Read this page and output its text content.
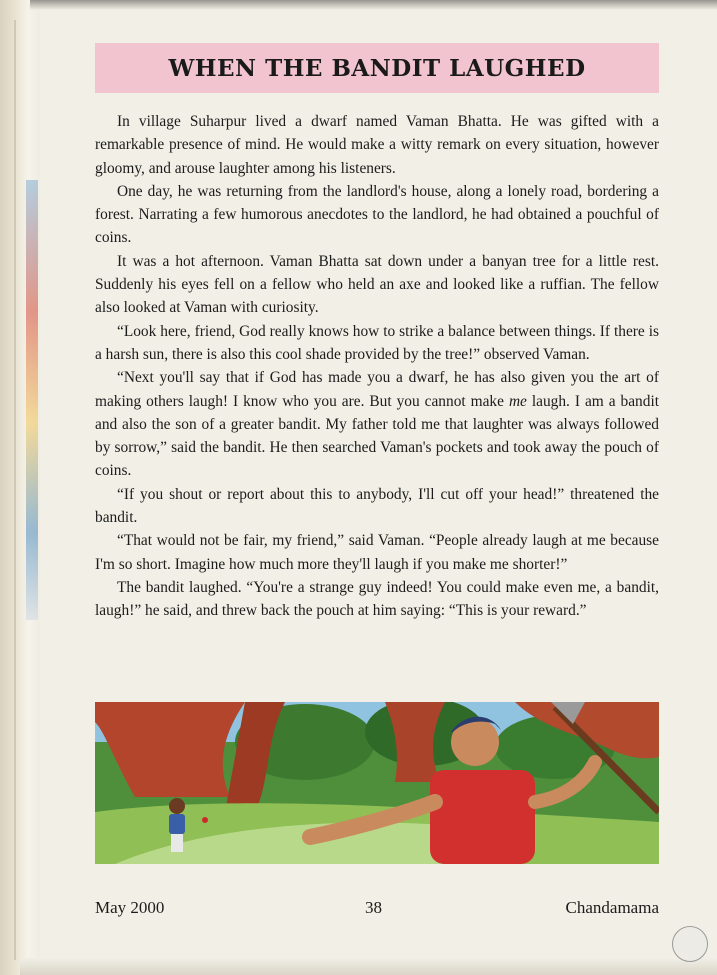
WHEN THE BANDIT LAUGHED

In village Suharpur lived a dwarf named Vaman Bhatta. He was gifted with a remarkable presence of mind. He would make a witty remark on every situation, however gloomy, and arouse laughter among his listeners.

One day, he was returning from the landlord's house, along a lonely road, bordering a forest. Narrating a few humorous anecdotes to the landlord, he had obtained a pouchful of coins.

It was a hot afternoon. Vaman Bhatta sat down under a banyan tree for a little rest. Suddenly his eyes fell on a fellow who held an axe and looked like a ruffian. The fellow also looked at Vaman with curiosity.

“Look here, friend, God really knows how to strike a balance between things. If there is a harsh sun, there is also this cool shade provided by the tree!” observed Vaman.

“Next you'll say that if God has made you a dwarf, he has also given you the art of making others laugh! I know who you are. But you cannot make me laugh. I am a bandit and also the son of a greater bandit. My father told me that laughter was always followed by sorrow,” said the bandit. He then searched Vaman's pockets and took away the pouch of coins.

“If you shout or report about this to anybody, I'll cut off your head!” threatened the bandit.

“That would not be fair, my friend,” said Vaman. “People already laugh at me because I'm so short. Imagine how much more they'll laugh if you make me shorter!”

The bandit laughed. “You're a strange guy indeed! You could make even me, a bandit, laugh!” he said, and threw back the pouch at him saying: “This is your reward.”

May 2000	38	Chandamama
